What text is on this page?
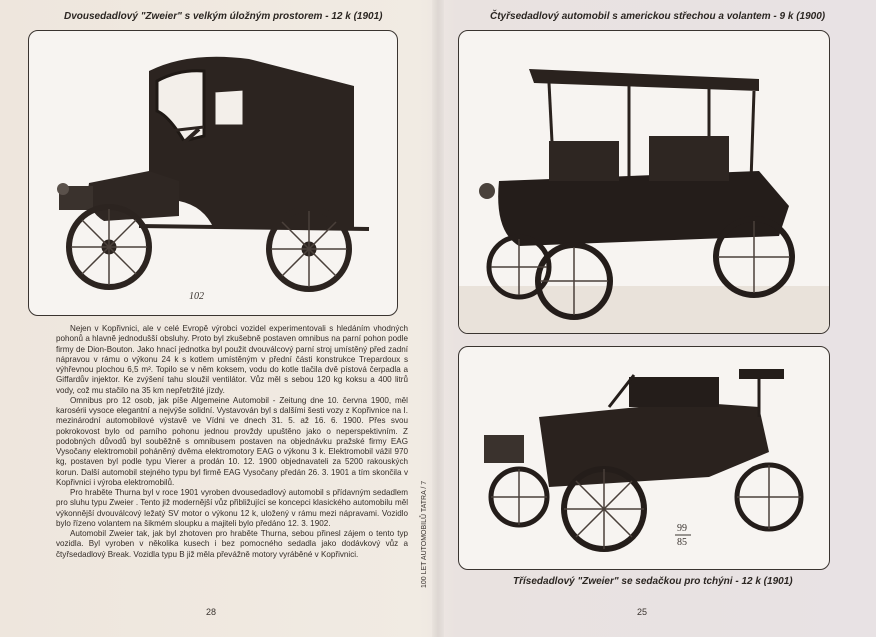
Dvousedadlový "Zweier" s velkým úložným prostorem - 12 k (1901)	Čtyřsedadlový automobil s americkou střechou a volantem - 9 k (1900)
Třísedadlový "Zweier" se sedačkou pro tchýni - 12 k (1901)
102
99
85

Nejen v Kopřivnici, ale v celé Evropě výrobci vozidel experimentovali s hledáním vhodných pohonů a hlavně jednodušší obsluhy. Proto byl zkušebně postaven omnibus na parní pohon podle firmy de Dion-Bouton. Jako hnací jednotka byl použit dvouválcový parní stroj umístěný před zadní nápravou v rámu o výkonu 24 k s kotlem umístěným v přední části konstrukce Trepardoux s výhřevnou plochou 6,5 m². Topilo se v něm koksem, vodu do kotle tlačila dvě pístová čerpadla a Giffardův injektor. Ke zvýšení tahu sloužil ventilátor. Vůz měl s sebou 120 kg koksu a 400 litrů vody, což mu stačilo na 35 km nepřetržité jízdy.

Omnibus pro 12 osob, jak píše Algemeine Automobil - Zeitung dne 10. června 1900, měl karosérii vysoce elegantní a nejvýše solidní. Vystavován byl s dalšími šesti vozy z Kopřivnice na I. mezinárodní automobilové výstavě ve Vídni ve dnech 31. 5. až 16. 6. 1900. Přes svou pokrokovost bylo od parního pohonu jednou provždy upuštěno jako o neperspektivním. Z podobných důvodů byl souběžně s omnibusem postaven na objednávku pražské firmy EAG Vysočany elektromobil poháněný dvěma elektromotory EAG o výkonu 3 k. Elektromobil vážil 970 kg, postaven byl podle typu Vierer a prodán 10. 12. 1900 objednavateli za 5200 rakouských korun. Další automobil stejného typu byl firmě EAG Vysočany předán 26. 3. 1901 a tím skončila v Kopřivnici i výroba elektromobilů.

Pro hraběte Thurna byl v roce 1901 vyroben dvousedadlový automobil s přídavným sedadlem pro sluhu typu Zweier . Tento již modernější vůz přibližující se koncepci klasického automobilu měl výkonnější dvouválcový ležatý SV motor o výkonu 12 k, uložený v rámu mezi nápravami. Vozidlo bylo řízeno volantem na šikmém sloupku a majiteli bylo předáno 12. 3. 1902.

Automobil Zweier tak, jak byl zhotoven pro hraběte Thurna, sebou přinesl zájem o tento typ vozidla. Byl vyroben v několika kusech i bez pomocného sedadla jako dodávkový vůz a čtyřsedadlový Break. Vozidla typu B již měla převážně motory vyráběné v Kopřivnici.	100 LET AUTOMOBILŮ TATRA / 7
28	25
